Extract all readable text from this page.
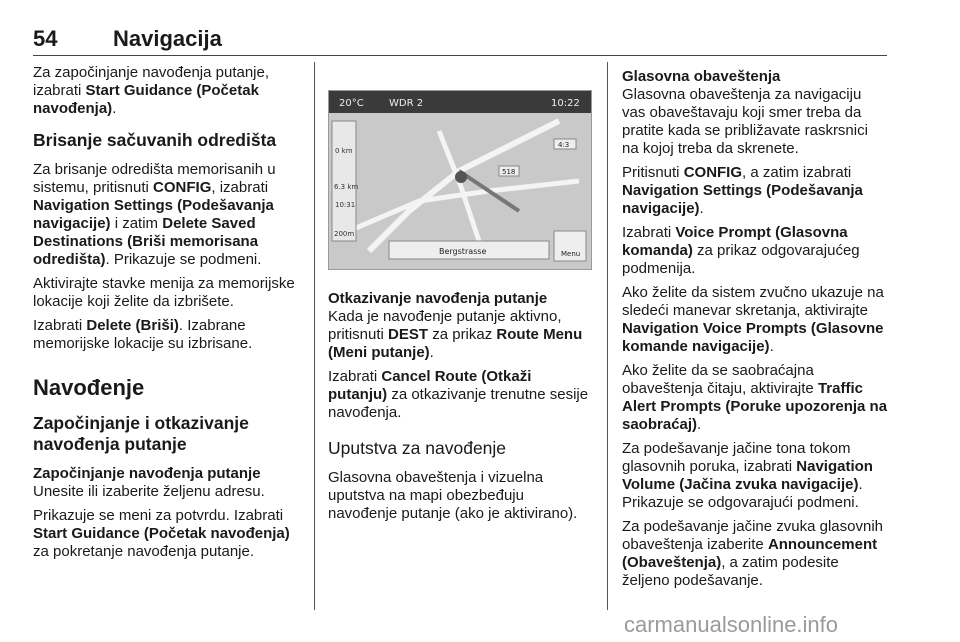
54	Navigacija

Za započinjanje navođenja putanje, izabrati Start Guidance (Početak navođenja).

Brisanje sačuvanih odredišta

Za brisanje odredišta memorisanih u sistemu, pritisnuti CONFIG, izabrati Navigation Settings (Podešavanja navigacije) i zatim Delete Saved Destinations (Briši memorisana odredišta). Prikazuje se podmeni.

Aktivirajte stavke menija za memorijske lokacije koji želite da izbrišete.

Izabrati Delete (Briši). Izabrane memorijske lokacije su izbrisane.

Navođenje
Započinjanje i otkazivanje navođenja putanje
Započinjanje navođenja putanje

Unesite ili izaberite željenu adresu.

Prikazuje se meni za potvrdu. Izabrati Start Guidance (Početak navođenja) za pokretanje navođenja putanje.

20°C	WDR 2	10:22
0 km
6.3 km
10:31
200m
Bergstrasse	Menu
4:3
518
Otkazivanje navođenja putanje

Kada je navođenje putanje aktivno, pritisnuti DEST za prikaz Route Menu (Meni putanje).

Izabrati Cancel Route (Otkaži putanju) za otkazivanje trenutne sesije navođenja.

Uputstva za navođenje

Glasovna obaveštenja i vizuelna uputstva na mapi obezbeđuju navođenje putanje (ako je aktivirano).

Glasovna obaveštenja

Glasovna obaveštenja za navigaciju vas obaveštavaju koji smer treba da pratite kada se približavate raskrsnici na kojoj treba da skrenete.

Pritisnuti CONFIG, a zatim izabrati Navigation Settings (Podešavanja navigacije).

Izabrati Voice Prompt (Glasovna komanda) za prikaz odgovarajućeg podmenija.

Ako želite da sistem zvučno ukazuje na sledeći manevar skretanja, aktivirajte Navigation Voice Prompts (Glasovne komande navigacije).

Ako želite da se saobraćajna obaveštenja čitaju, aktivirajte Traffic Alert Prompts (Poruke upozorenja na saobraćaj).

Za podešavanje jačine tona tokom glasovnih poruka, izabrati Navigation Volume (Jačina zvuka navigacije). Prikazuje se odgovarajući podmeni.

Za podešavanje jačine zvuka glasovnih obaveštenja izaberite Announcement (Obaveštenja), a zatim podesite željeno podešavanje.

carmanualsonline.info
